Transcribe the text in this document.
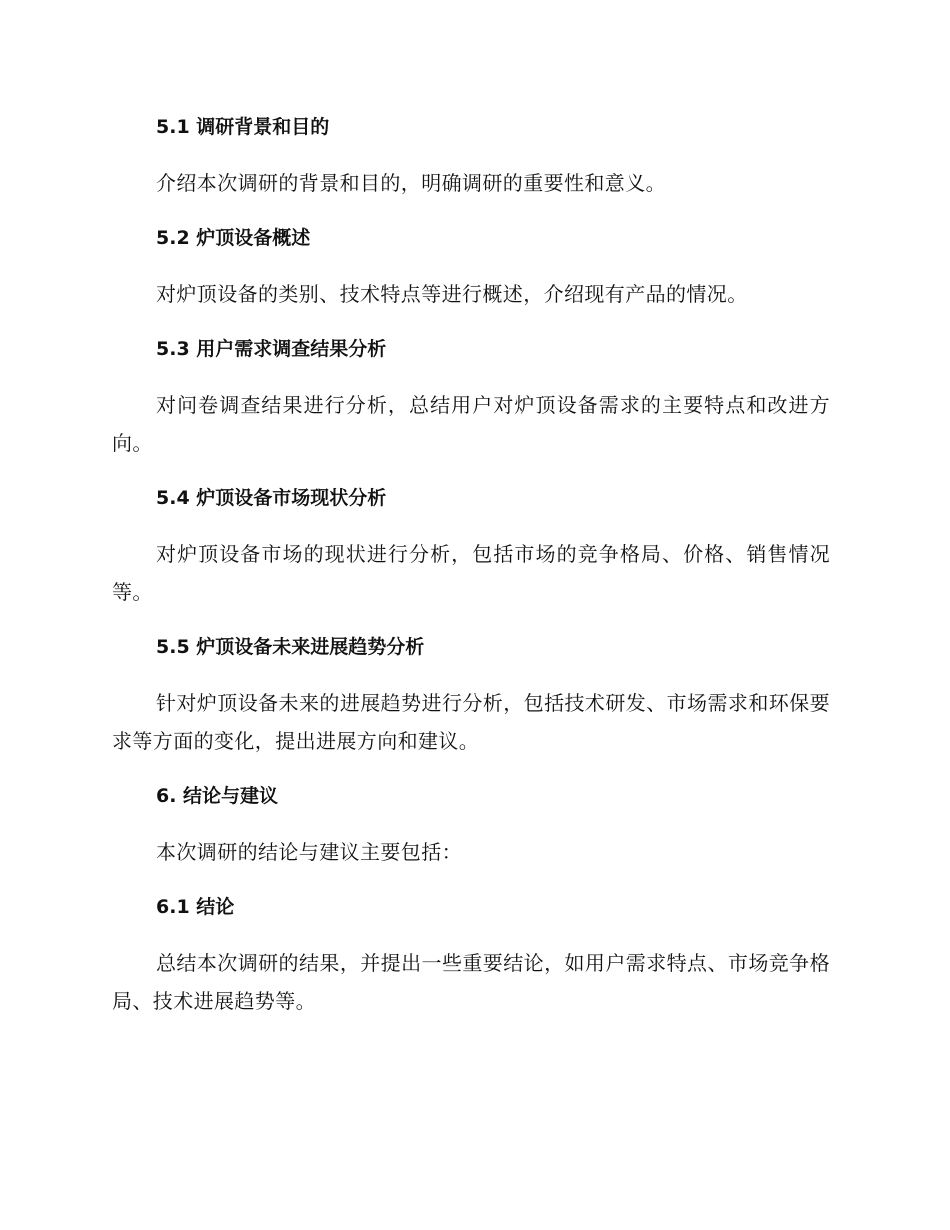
5.1 调研背景和目的

介绍本次调研的背景和目的，明确调研的重要性和意义。

5.2 炉顶设备概述

对炉顶设备的类别、技术特点等进行概述，介绍现有产品的情况。

5.3 用户需求调查结果分析

对问卷调查结果进行分析，总结用户对炉顶设备需求的主要特点和改进方向。

5.4 炉顶设备市场现状分析

对炉顶设备市场的现状进行分析，包括市场的竞争格局、价格、销售情况等。

5.5 炉顶设备未来进展趋势分析

针对炉顶设备未来的进展趋势进行分析，包括技术研发、市场需求和环保要求等方面的变化，提出进展方向和建议。

6. 结论与建议

本次调研的结论与建议主要包括：

6.1 结论

总结本次调研的结果，并提出一些重要结论，如用户需求特点、市场竞争格局、技术进展趋势等。
